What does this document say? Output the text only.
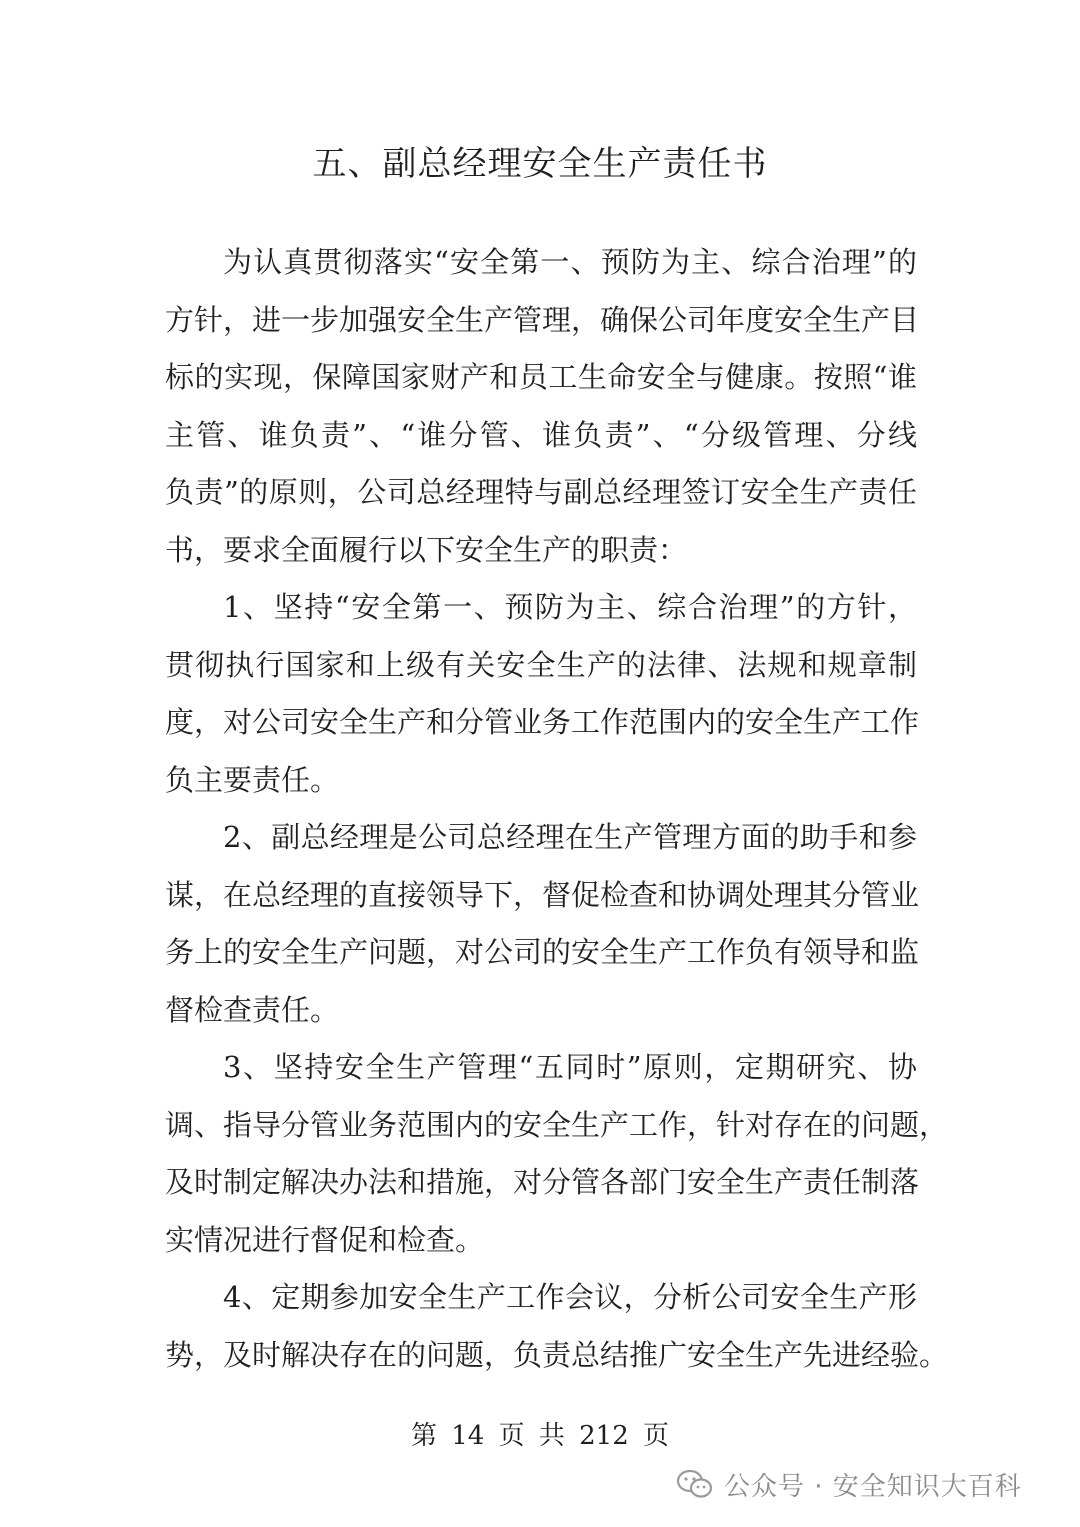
五、副总经理安全生产责任书
为认真贯彻落实“安全第一、预防为主、综合治理”的
方针，进一步加强安全生产管理，确保公司年度安全生产目
标的实现，保障国家财产和员工生命安全与健康。按照“谁
主管、谁负责”、“谁分管、谁负责”、“分级管理、分线
负责”的原则，公司总经理特与副总经理签订安全生产责任
书，要求全面履行以下安全生产的职责：
1、坚持“安全第一、预防为主、综合治理”的方针，
贯彻执行国家和上级有关安全生产的法律、法规和规章制
度，对公司安全生产和分管业务工作范围内的安全生产工作
负主要责任。
2、副总经理是公司总经理在生产管理方面的助手和参
谋，在总经理的直接领导下，督促检查和协调处理其分管业
务上的安全生产问题，对公司的安全生产工作负有领导和监
督检查责任。
3、坚持安全生产管理“五同时”原则，定期研究、协
调、指导分管业务范围内的安全生产工作，针对存在的问题，
及时制定解决办法和措施，对分管各部门安全生产责任制落
实情况进行督促和检查。
4、定期参加安全生产工作会议，分析公司安全生产形
势，及时解决存在的问题，负责总结推广安全生产先进经验。
第 14 页 共 212 页
公众号 · 安全知识大百科
